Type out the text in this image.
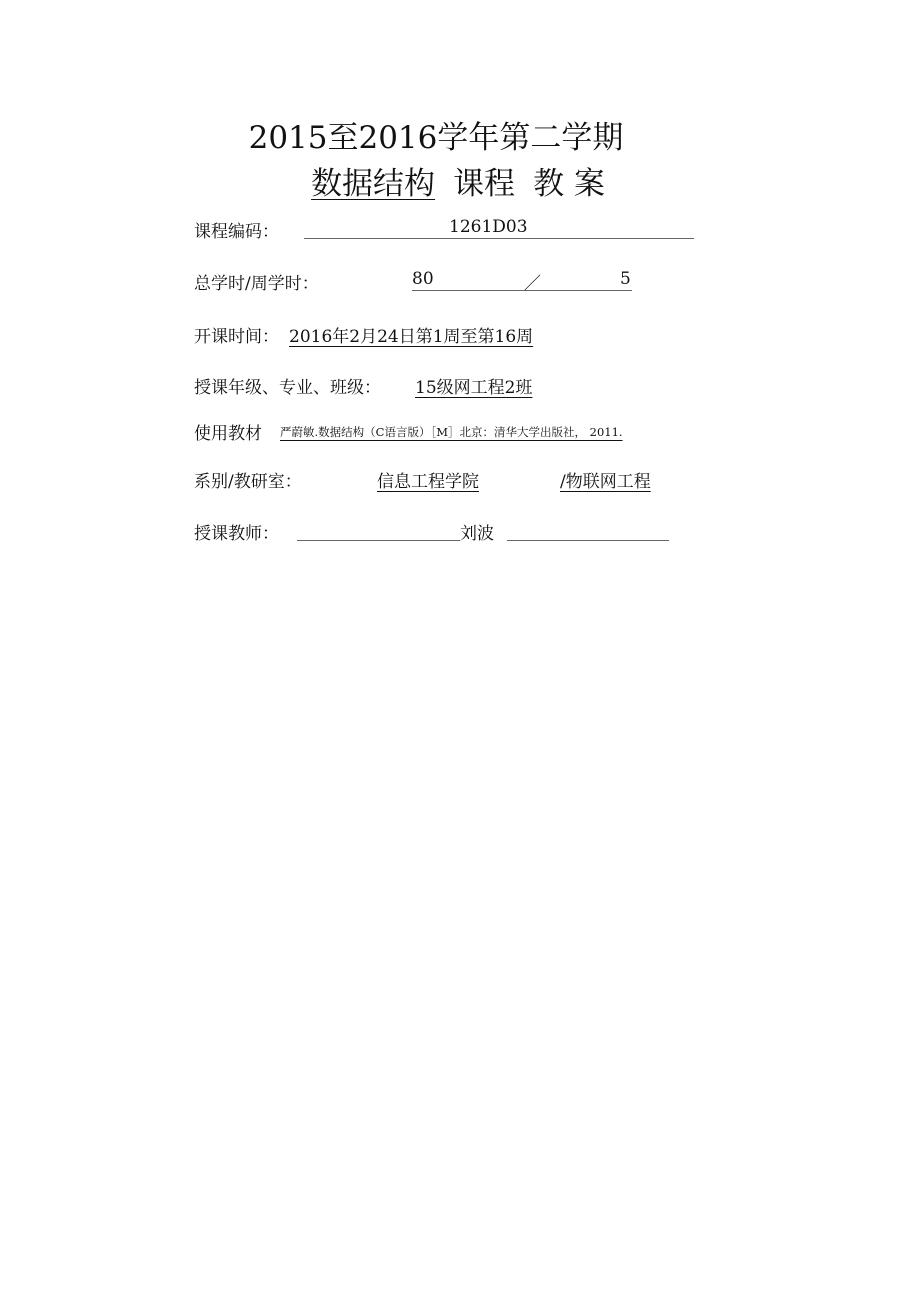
2015至2016学年第二学期
数据结构 课程 教 案
课程编码：	1261D03
总学时/周学时：	80	／	5
开课时间： 2016年2月24日第1周至第16周
授课年级、专业、班级： 15级网工程2班
使用教材 严蔚敏.数据结构（C语言版）［M］北京：清华大学出版社， 2011.
系别/教研室：	信息工程学院	/物联网工程
授课教师：	刘波
